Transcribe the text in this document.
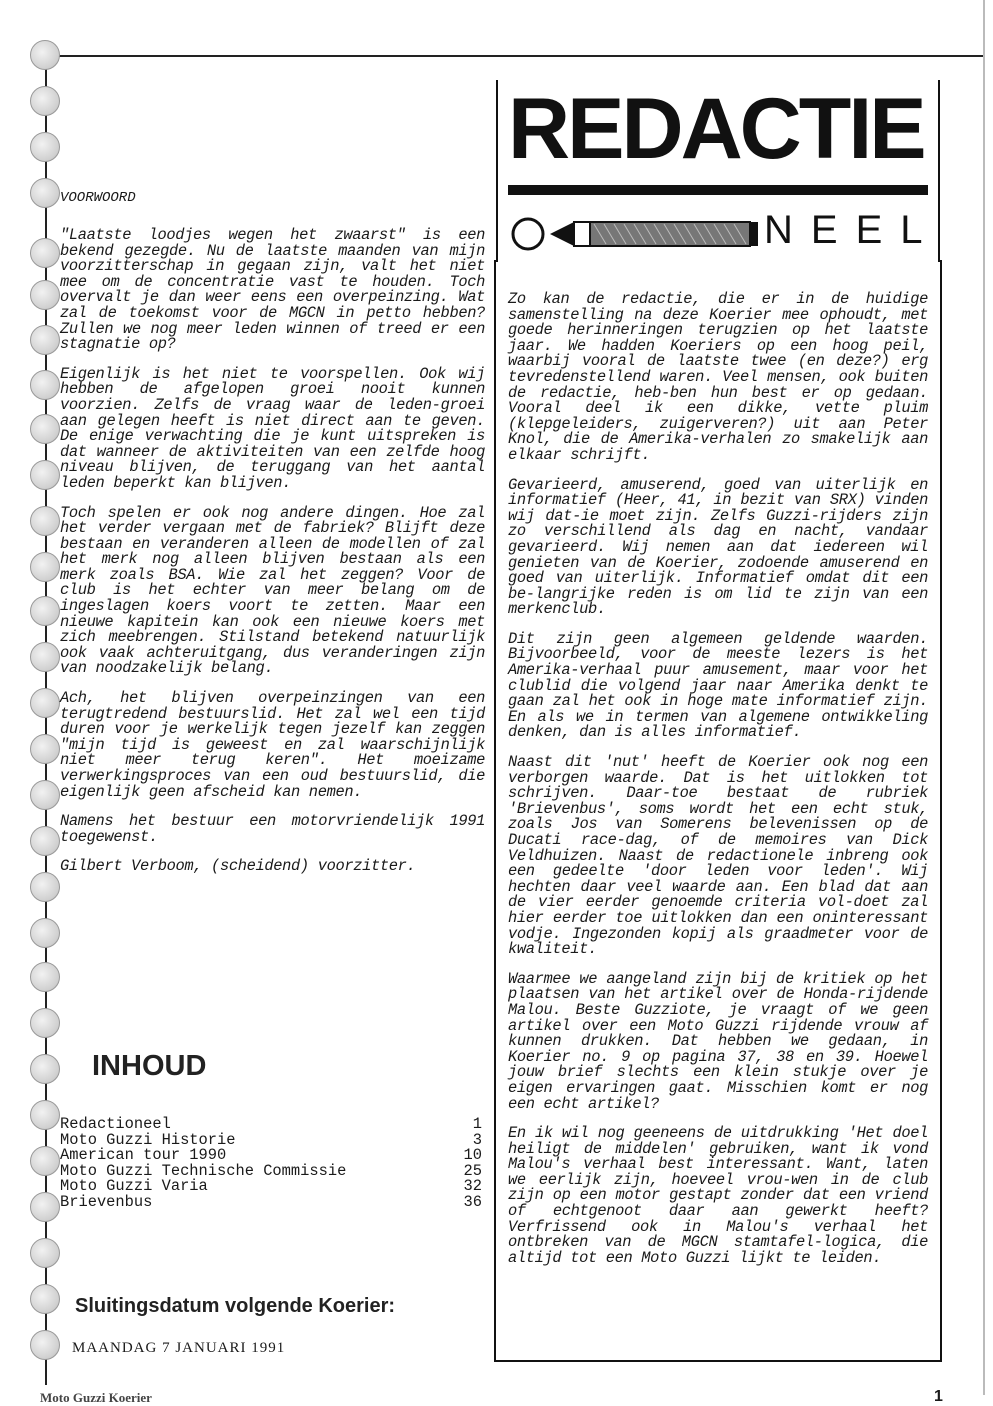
VOORWOORD

"Laatste loodjes wegen het zwaarst" is een bekend gezegde. Nu de laatste maanden van mijn voorzitterschap in gegaan zijn, valt het niet mee om de concentratie vast te houden. Toch overvalt je dan weer eens een overpeinzing. Wat zal de toekomst voor de MGCN in petto hebben? Zullen we nog meer leden winnen of treed er een stagnatie op?

Eigenlijk is het niet te voorspellen. Ook wij hebben de afgelopen groei nooit kunnen voorzien. Zelfs de vraag waar de leden-groei aan gelegen heeft is niet direct aan te geven. De enige verwachting die je kunt uitspreken is dat wanneer de aktiviteiten van een zelfde hoog niveau blijven, de teruggang van het aantal leden beperkt kan blijven.

Toch spelen er ook nog andere dingen. Hoe zal het verder vergaan met de fabriek? Blijft deze bestaan en veranderen alleen de modellen of zal het merk nog alleen blijven bestaan als een merk zoals BSA. Wie zal het zeggen? Voor de club is het echter van meer belang om de ingeslagen koers voort te zetten. Maar een nieuwe kapitein kan ook een nieuwe koers met zich meebrengen. Stilstand betekend natuurlijk ook vaak achteruitgang, dus veranderingen zijn van noodzakelijk belang.

Ach, het blijven overpeinzingen van een terugtredend bestuurslid. Het zal wel een tijd duren voor je werkelijk tegen jezelf kan zeggen "mijn tijd is geweest en zal waarschijnlijk niet meer terug keren". Het moeizame verwerkingsproces van een oud bestuurslid, die eigenlijk geen afscheid kan nemen.

Namens het bestuur een motorvriendelijk 1991 toegewenst.

Gilbert Verboom, (scheidend) voorzitter.

REDACTIE
NEEL

Zo kan de redactie, die er in de huidige samenstelling na deze Koerier mee ophoudt, met goede herinneringen terugzien op het laatste jaar. We hadden Koeriers op een hoog peil, waarbij vooral de laatste twee (en deze?) erg tevredenstellend waren. Veel mensen, ook buiten de redactie, heb-ben hun best er op gedaan. Vooral deel ik een dikke, vette pluim (klepgeleiders, zuigerveren?) uit aan Peter Knol, die de Amerika-verhalen zo smakelijk aan elkaar schrijft.

Gevarieerd, amuserend, goed van uiterlijk en informatief (Heer, 41, in bezit van SRX) vinden wij dat-ie moet zijn. Zelfs Guzzi-rijders zijn zo verschillend als dag en nacht, vandaar gevarieerd. Wij nemen aan dat iedereen wil genieten van de Koerier, zodoende amuserend en goed van uiterlijk. Informatief omdat dit een be-langrijke reden is om lid te zijn van een merkenclub.

Dit zijn geen algemeen geldende waarden. Bijvoorbeeld, voor de meeste lezers is het Amerika-verhaal puur amusement, maar voor het clublid die volgend jaar naar Amerika denkt te gaan zal het ook in hoge mate informatief zijn. En als we in termen van algemene ontwikkeling denken, dan is alles informatief.

Naast dit 'nut' heeft de Koerier ook nog een verborgen waarde. Dat is het uitlokken tot schrijven. Daar-toe bestaat de rubriek 'Brievenbus', soms wordt het een echt stuk, zoals Jos van Somerens belevenissen op de Ducati race-dag, of de memoires van Dick Veldhuizen. Naast de redactionele inbreng ook een gedeelte 'door leden voor leden'. Wij hechten daar veel waarde aan. Een blad dat aan de vier eerder genoemde criteria vol-doet zal hier eerder toe uitlokken dan een oninteressant vodje. Ingezonden kopij als graadmeter voor de kwaliteit.

Waarmee we aangeland zijn bij de kritiek op het plaatsen van het artikel over de Honda-rijdende Malou. Beste Guzziote, je vraagt of we geen artikel over een Moto Guzzi rijdende vrouw af kunnen drukken. Dat hebben we gedaan, in Koerier no. 9 op pagina 37, 38 en 39. Hoewel jouw brief slechts een klein stukje over je eigen ervaringen gaat. Misschien komt er nog een echt artikel?

En ik wil nog geeneens de uitdrukking 'Het doel heiligt de middelen' gebruiken, want ik vond Malou's verhaal best interessant. Want, laten we eerlijk zijn, hoeveel vrou-wen in de club zijn op een motor gestapt zonder dat een vriend of echtgenoot daar aan gewerkt heeft? Verfrissend ook in Malou's verhaal het ontbreken van de MGCN stamtafel-logica, die altijd tot een Moto Guzzi lijkt te leiden.

INHOUD
Redactioneel	1
Moto Guzzi Historie	3
American tour 1990	10
Moto Guzzi Technische Commissie	25
Moto Guzzi Varia	32
Brievenbus	36
Sluitingsdatum volgende Koerier:
MAANDAG 7 JANUARI 1991
Moto Guzzi Koerier	1
